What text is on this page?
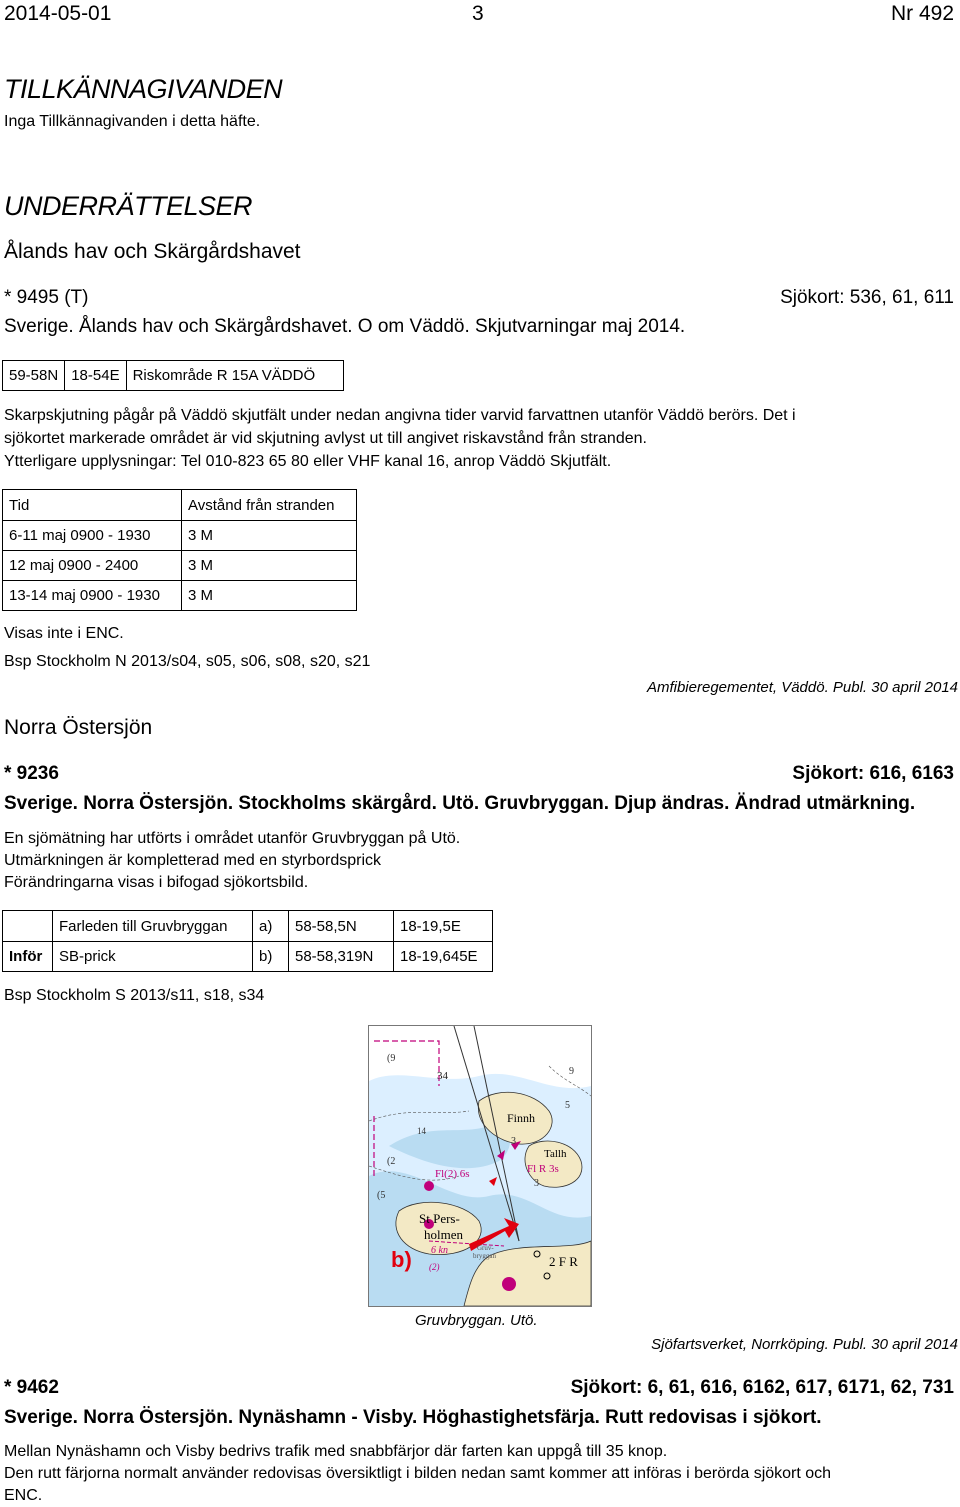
2014-05-01	3	Nr 492
TILLKÄNNAGIVANDEN
Inga Tillkännagivanden i detta häfte.
UNDERRÄTTELSER
Ålands hav och Skärgårdshavet
* 9495 (T)	Sjökort: 536, 61, 611
Sverige. Ålands hav och Skärgårdshavet. O om Väddö. Skjutvarningar maj 2014.
59-58N	18-54E	Riskområde R 15A VÄDDÖ
Skarpskjutning pågår på Väddö skjutfält under nedan angivna tider varvid farvattnen utanför Väddö berörs. Det i
sjökortet markerade området är vid skjutning avlyst ut till angivet riskavstånd från stranden.
Ytterligare upplysningar: Tel 010-823 65 80 eller VHF kanal 16, anrop Väddö Skjutfält.
Tid	Avstånd från stranden
6-11 maj 0900 - 1930	3 M
12 maj 0900 - 2400	3 M
13-14 maj 0900 - 1930	3 M
Visas inte i ENC.
Bsp Stockholm N 2013/s04, s05, s06, s08, s20, s21
Amfibieregementet, Väddö. Publ. 30 april 2014
Norra Östersjön
* 9236	Sjökort: 616, 6163
Sverige. Norra Östersjön. Stockholms skärgård. Utö. Gruvbryggan. Djup ändras. Ändrad utmärkning.
En sjömätning har utförts i området utanför Gruvbryggan på Utö.
Utmärkningen är kompletterad med en styrbordsprick
Förändringarna visas i bifogad sjökortsbild.
	Farleden till Gruvbryggan	a)	58-58,5N	18-19,5E
Inför	SB-prick	b)	58-58,319N	18-19,645E
Bsp Stockholm S 2013/s11, s18, s34
34
Finnh
Tallh
Fl(2) 6s	Fl R 3s
St Pers-
holmen
b)	2 F R
14
6 kn	Gruv-
bryggan
(2)
(9
9
5
(2
(5
3
3
Gruvbryggan. Utö.
Sjöfartsverket, Norrköping. Publ. 30 april 2014
* 9462	Sjökort: 6, 61, 616, 6162, 617, 6171, 62, 731
Sverige. Norra Östersjön. Nynäshamn - Visby. Höghastighetsfärja. Rutt redovisas i sjökort.
Mellan Nynäshamn och Visby bedrivs trafik med snabbfärjor där farten kan uppgå till 35 knop.
Den rutt färjorna normalt använder redovisas översiktligt i bilden nedan samt kommer att införas i berörda sjökort och
ENC.
